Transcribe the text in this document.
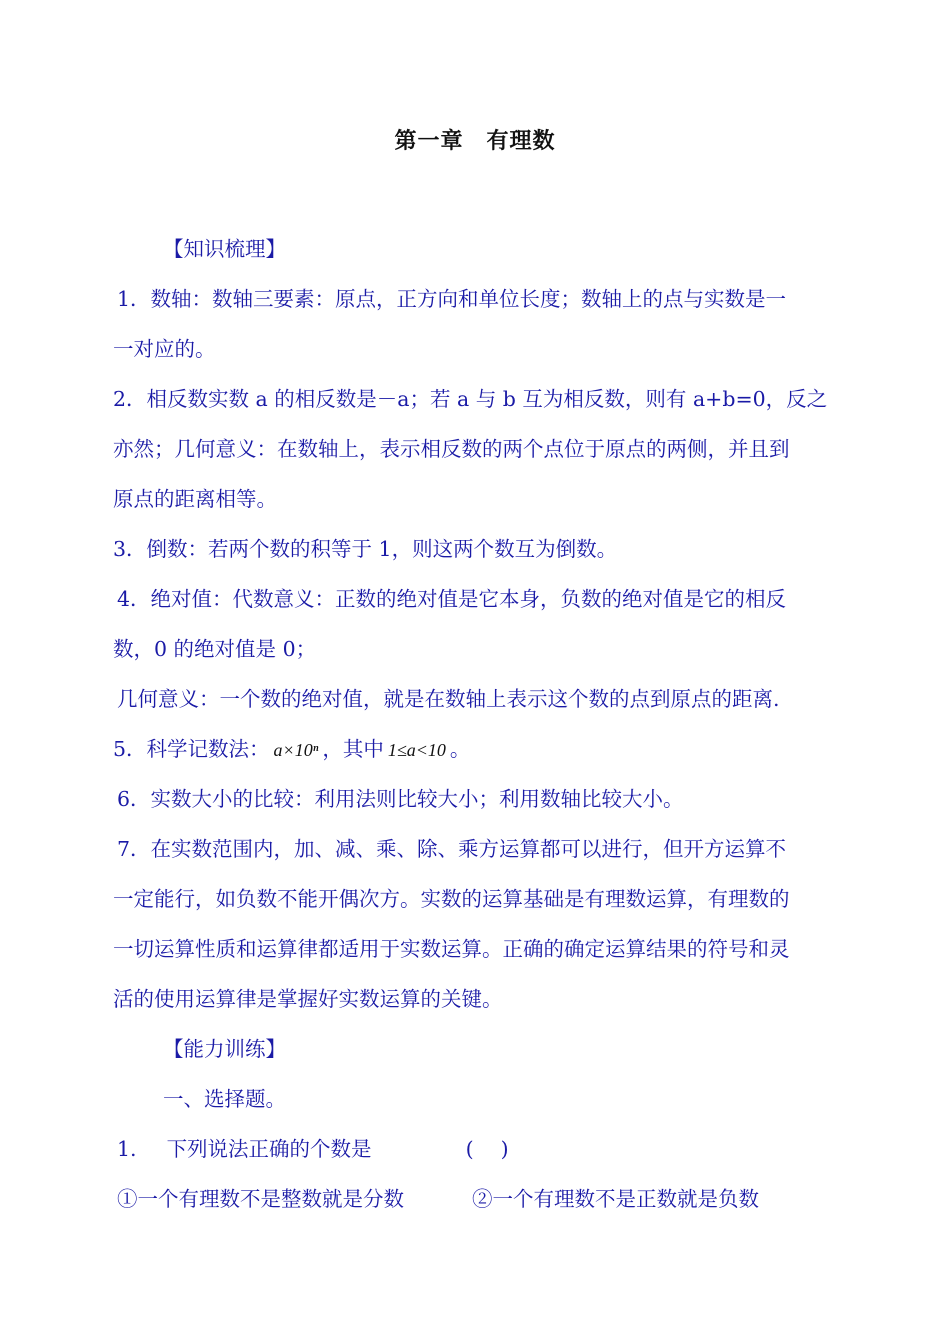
第一章　有理数
【知识梳理】
1．数轴：数轴三要素：原点，正方向和单位长度；数轴上的点与实数是一
一对应的。
2．相反数实数 a 的相反数是－a；若 a 与 b 互为相反数，则有 a+b=0，反之
亦然；几何意义：在数轴上，表示相反数的两个点位于原点的两侧，并且到
原点的距离相等。
3．倒数：若两个数的积等于 1，则这两个数互为倒数。
4．绝对值：代数意义：正数的绝对值是它本身，负数的绝对值是它的相反
数，0 的绝对值是 0；
几何意义：一个数的绝对值，就是在数轴上表示这个数的点到原点的距离.
5．科学记数法： a×10ⁿ ，其中 1≤a<10 。
6．实数大小的比较：利用法则比较大小；利用数轴比较大小。
7．在实数范围内，加、减、乘、除、乘方运算都可以进行，但开方运算不
一定能行，如负数不能开偶次方。实数的运算基础是有理数运算，有理数的
一切运算性质和运算律都适用于实数运算。正确的确定运算结果的符号和灵
活的使用运算律是掌握好实数运算的关键。
【能力训练】
一、选择题。
1. 下列说法正确的个数是	(　 )
①一个有理数不是整数就是分数	②一个有理数不是正数就是负数
